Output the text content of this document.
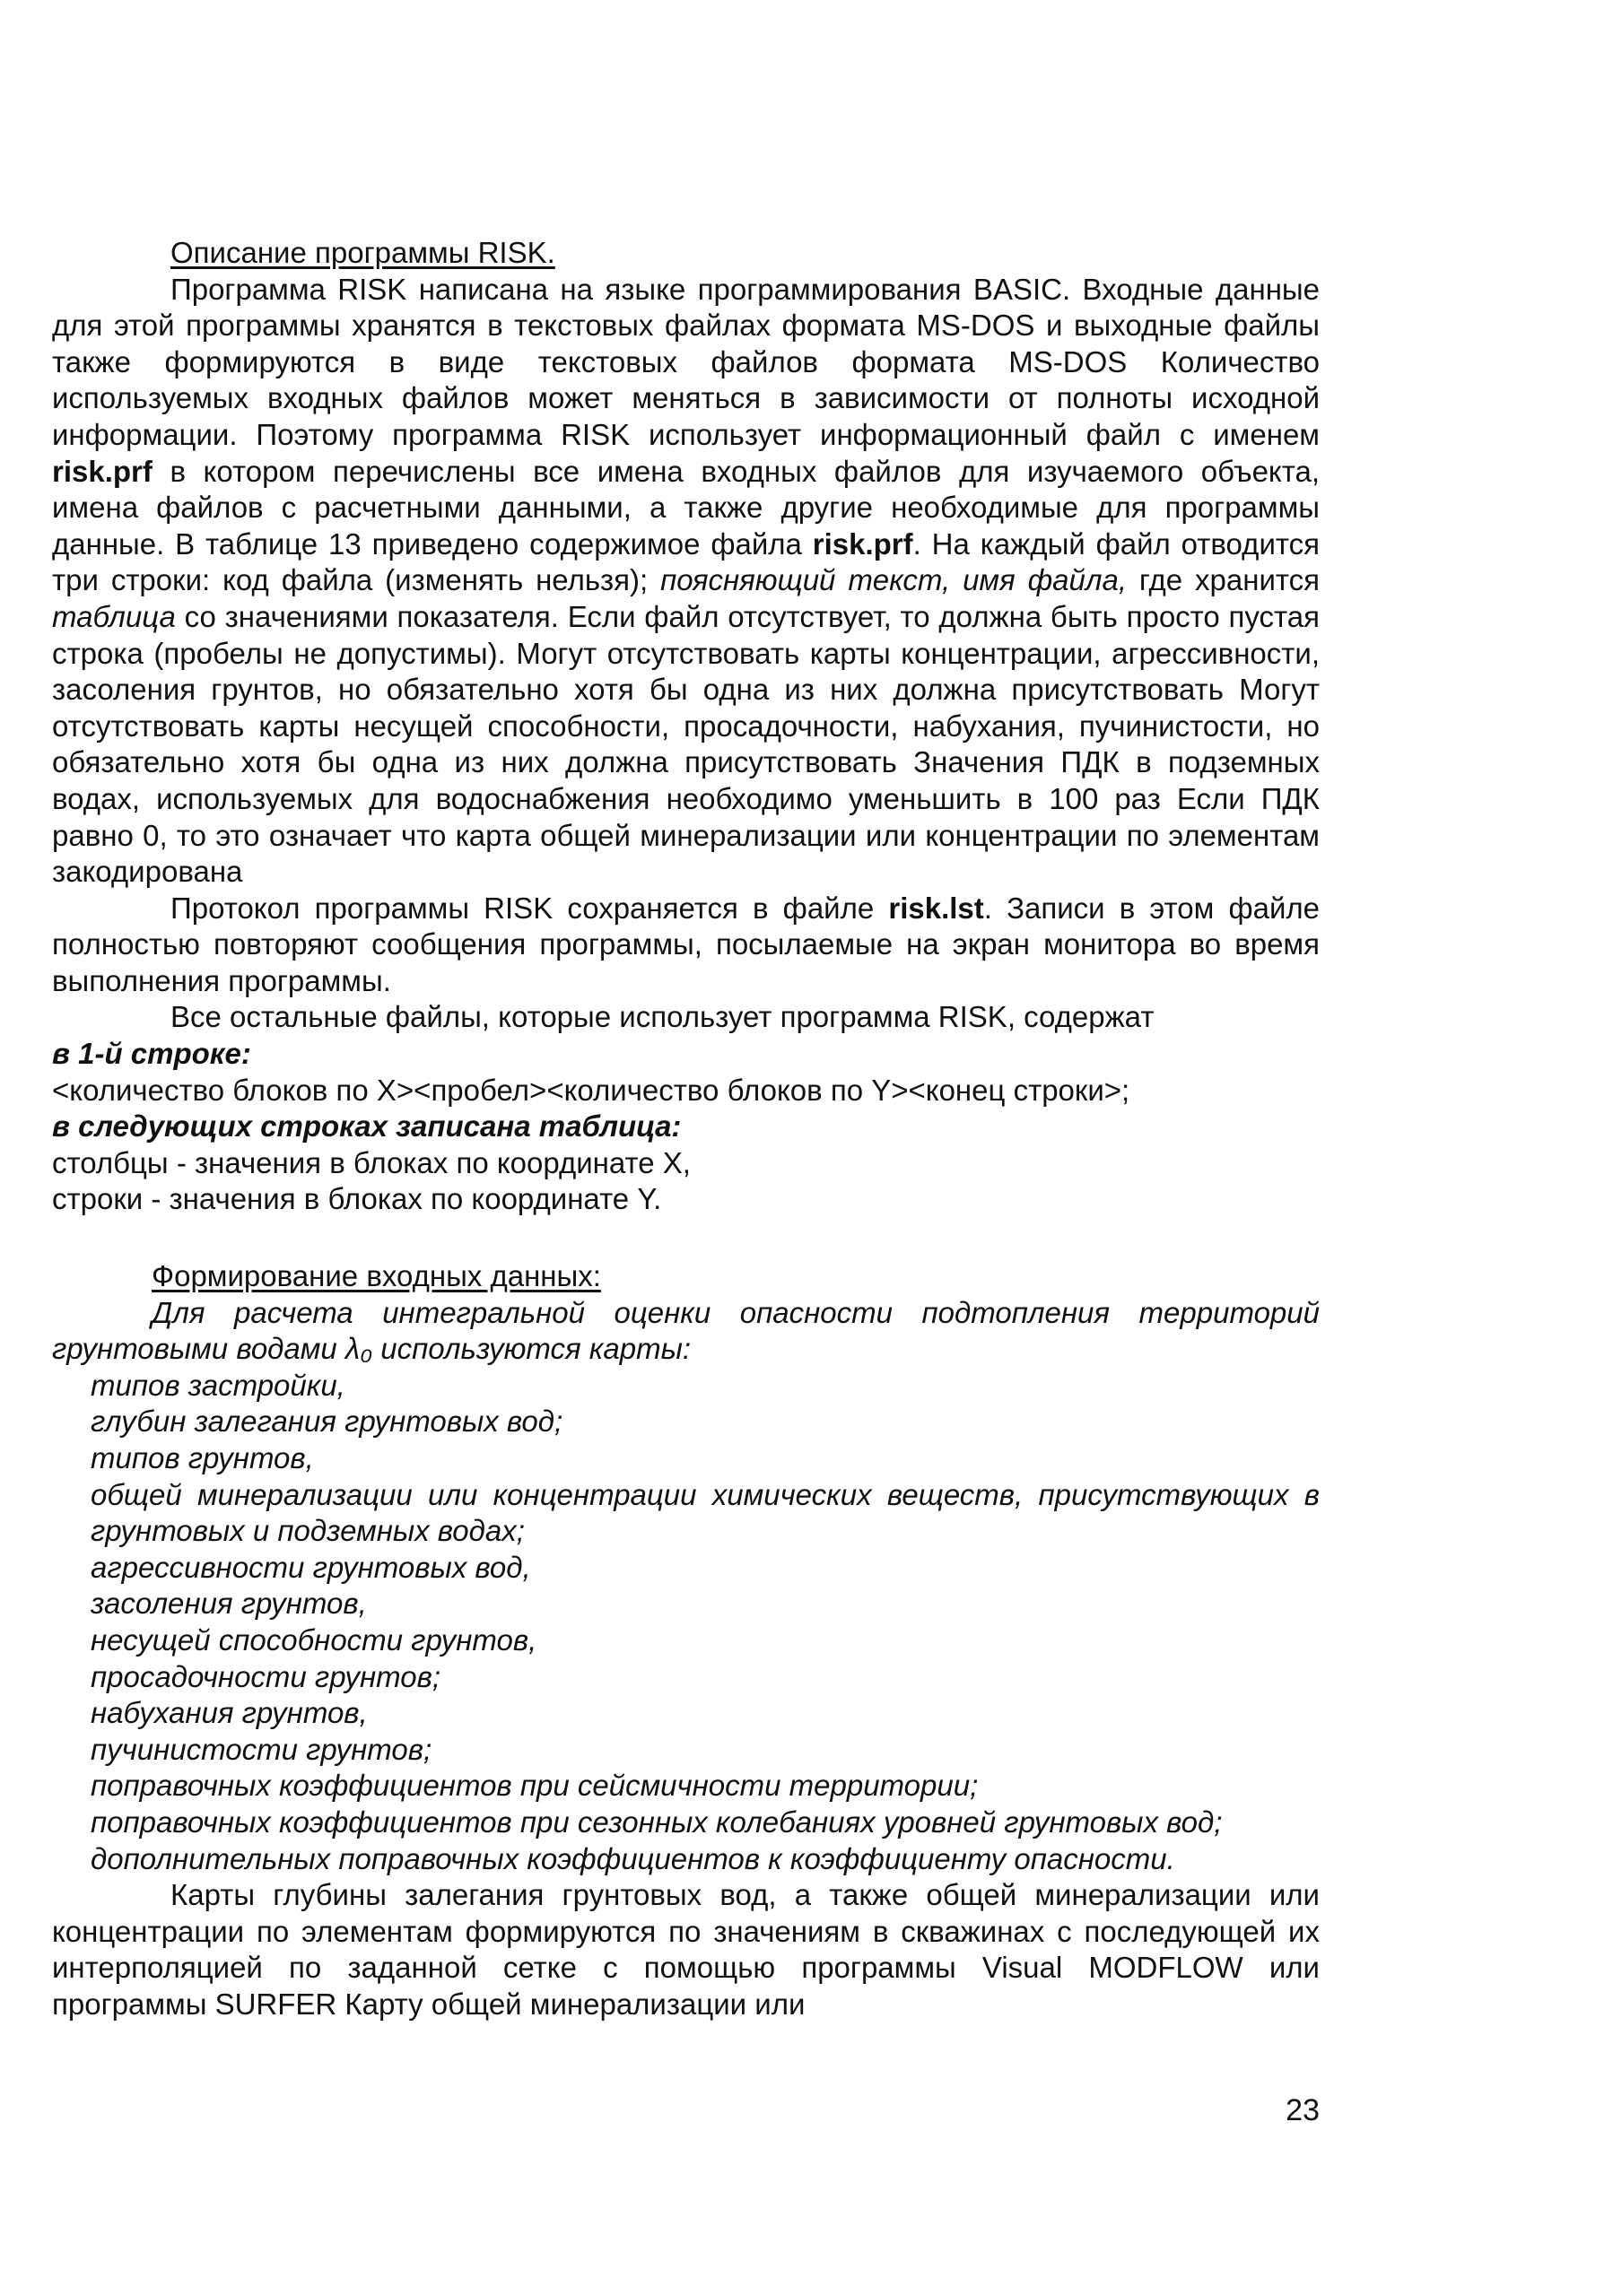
Описание программы RISK.

Программа RISK написана на языке программирования BASIC. Входные данные для этой программы хранятся в текстовых файлах формата MS-DOS и выходные файлы также формируются в виде текстовых файлов формата MS-DOS Количество используемых входных файлов может меняться в зависимости от полноты исходной информации. Поэтому программа RISK использует информационный файл с именем risk.prf в котором перечислены все имена входных файлов для изучаемого объекта, имена файлов с расчетными данными, а также другие необходимые для программы данные. В таблице 13 приведено содержимое файла risk.prf. На каждый файл отводится три строки: код файла (изменять нельзя); поясняющий текст, имя файла, где хранится таблица со значениями показателя. Если файл отсутствует, то должна быть просто пустая строка (пробелы не допустимы). Могут отсутствовать карты концентрации, агрессивности, засоления грунтов, но обязательно хотя бы одна из них должна присутствовать Могут отсутствовать карты несущей способности, просадочности, набухания, пучинистости, но обязательно хотя бы одна из них должна присутствовать Значения ПДК в подземных водах, используемых для водоснабжения необходимо уменьшить в 100 раз Если ПДК равно 0, то это означает что карта общей минерализации или концентрации по элементам закодирована

Протокол программы RISK сохраняется в файле risk.lst. Записи в этом файле полностью повторяют сообщения программы, посылаемые на экран монитора во время выполнения программы.

Все остальные файлы, которые использует программа RISK, содержат

в 1-й строке:

<количество блоков по X><пробел><количество блоков по Y><конец строки>;

в следующих строках записана таблица:

столбцы - значения в блоках по координате X,

строки - значения в блоках по координате Y.

Формирование входных данных:

Для расчета интегральной оценки опасности подтопления территорий грунтовыми водами λ₀ используются карты:

типов застройки,
глубин залегания грунтовых вод;
типов грунтов,
общей минерализации или концентрации химических веществ, присутствующих в грунтовых и подземных водах;
агрессивности грунтовых вод,
засоления грунтов,
несущей способности грунтов,
просадочности грунтов;
набухания грунтов,
пучинистости грунтов;
поправочных коэффициентов при сейсмичности территории;
поправочных коэффициентов при сезонных колебаниях уровней грунтовых вод;
дополнительных поправочных коэффициентов к коэффициенту опасности.

Карты глубины залегания грунтовых вод, а также общей минерализации или концентрации по элементам формируются по значениям в скважинах с последующей их интерполяцией по заданной сетке с помощью программы Visual MODFLOW или программы SURFER Карту общей минерализации или

23
